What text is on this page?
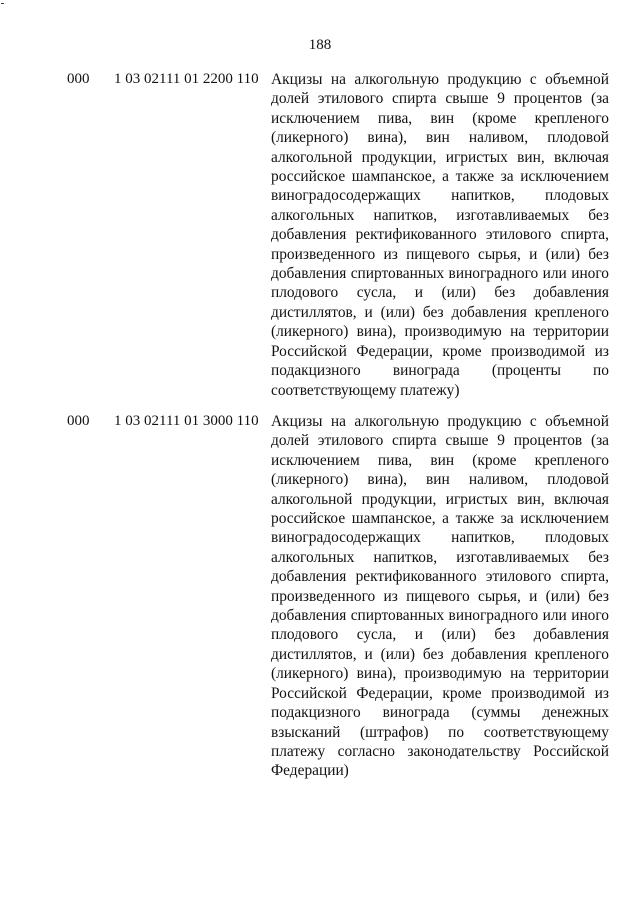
188
000 1 03 02111 01 2200 110 Акцизы на алкогольную продукцию с объемной долей этилового спирта свыше 9 процентов (за исключением пива, вин (кроме крепленого (ликерного) вина), вин наливом, плодовой алкогольной продукции, игристых вин, включая российское шампанское, а также за исключением виноградосодержащих напитков, плодовых алкогольных напитков, изготавливаемых без добавления ректификованного этилового спирта, произведенного из пищевого сырья, и (или) без добавления спиртованных виноградного или иного плодового сусла, и (или) без добавления дистиллятов, и (или) без добавления крепленого (ликерного) вина), производимую на территории Российской Федерации, кроме производимой из подакцизного винограда (проценты по соответствующему платежу)
000 1 03 02111 01 3000 110 Акцизы на алкогольную продукцию с объемной долей этилового спирта свыше 9 процентов (за исключением пива, вин (кроме крепленого (ликерного) вина), вин наливом, плодовой алкогольной продукции, игристых вин, включая российское шампанское, а также за исключением виноградосодержащих напитков, плодовых алкогольных напитков, изготавливаемых без добавления ректификованного этилового спирта, произведенного из пищевого сырья, и (или) без добавления спиртованных виноградного или иного плодового сусла, и (или) без добавления дистиллятов, и (или) без добавления крепленого (ликерного) вина), производимую на территории Российской Федерации, кроме производимой из подакцизного винограда (суммы денежных взысканий (штрафов) по соответствующему платежу согласно законодательству Российской Федерации)
